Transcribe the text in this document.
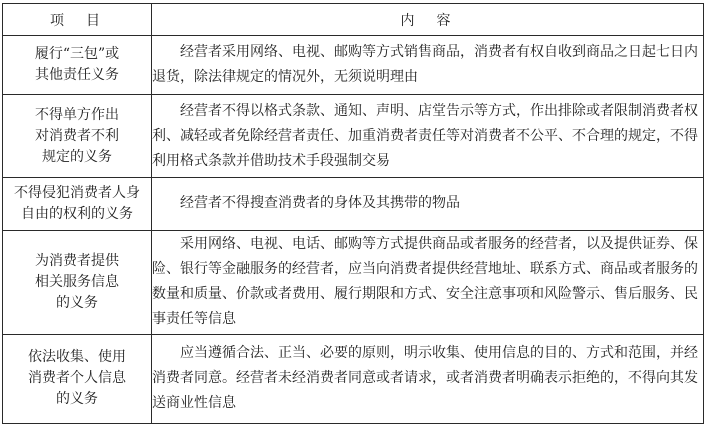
项　目	内　容
履行“三包”或
其他责任义务	经营者采用网络、电视、邮购等方式销售商品，消费者有权自收到商品之日起七日内退货，除法律规定的情况外，无须说明理由
不得单方作出
对消费者不利
规定的义务	经营者不得以格式条款、通知、声明、店堂告示等方式，作出排除或者限制消费者权利、减轻或者免除经营者责任、加重消费者责任等对消费者不公平、不合理的规定，不得利用格式条款并借助技术手段强制交易
不得侵犯消费者人身
自由的权利的义务	经营者不得搜查消费者的身体及其携带的物品
为消费者提供
相关服务信息
的义务	采用网络、电视、电话、邮购等方式提供商品或者服务的经营者，以及提供证券、保险、银行等金融服务的经营者，应当向消费者提供经营地址、联系方式、商品或者服务的数量和质量、价款或者费用、履行期限和方式、安全注意事项和风险警示、售后服务、民事责任等信息
依法收集、使用
消费者个人信息
的义务	应当遵循合法、正当、必要的原则，明示收集、使用信息的目的、方式和范围，并经消费者同意。经营者未经消费者同意或者请求，或者消费者明确表示拒绝的，不得向其发送商业性信息
